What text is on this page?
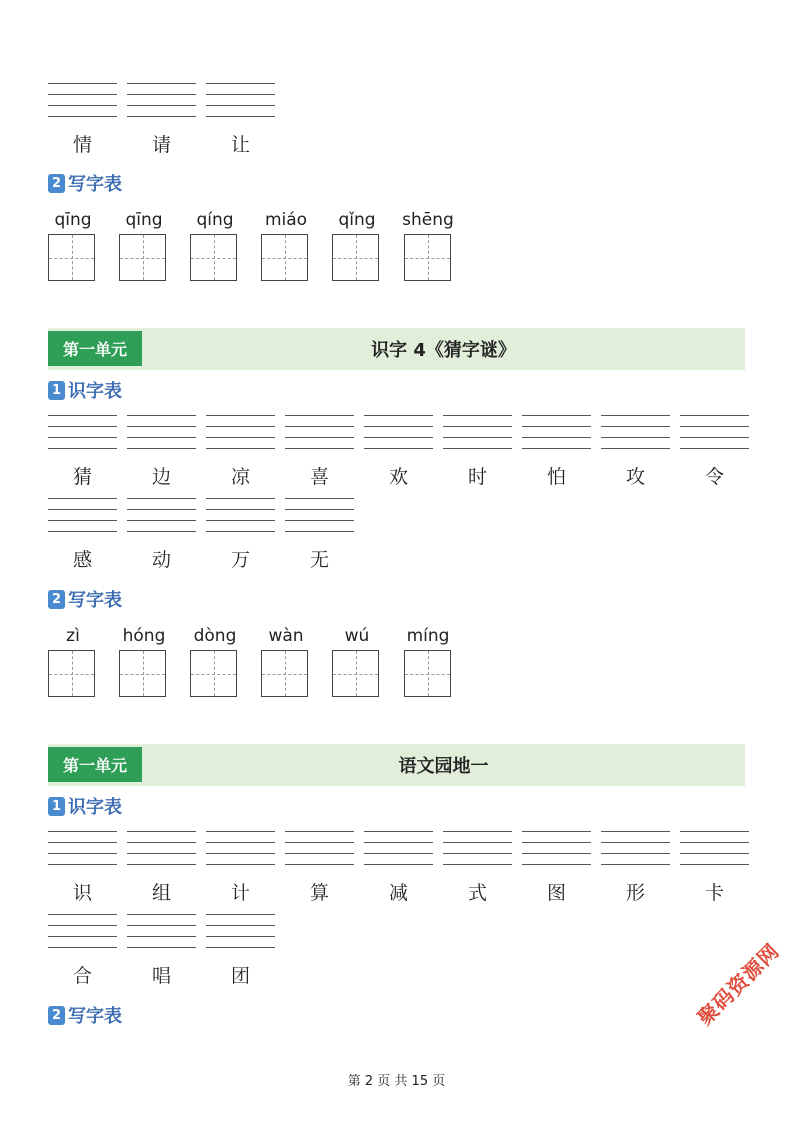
情	请	让
2 写字表
qīng	qīng	qíng	miáo	qǐng	shēng
第一单元	识字 4《猜字谜》
1 识字表
猜	边	凉	喜	欢	时	怕	攻	令
感	动	万	无
2 写字表
zì	hóng	dòng	wàn	wú	míng
第一单元	语文园地一
1 识字表
识	组	计	算	减	式	图	形	卡
合	唱	团
2 写字表	聚码资源网
第 2 页 共 15 页
